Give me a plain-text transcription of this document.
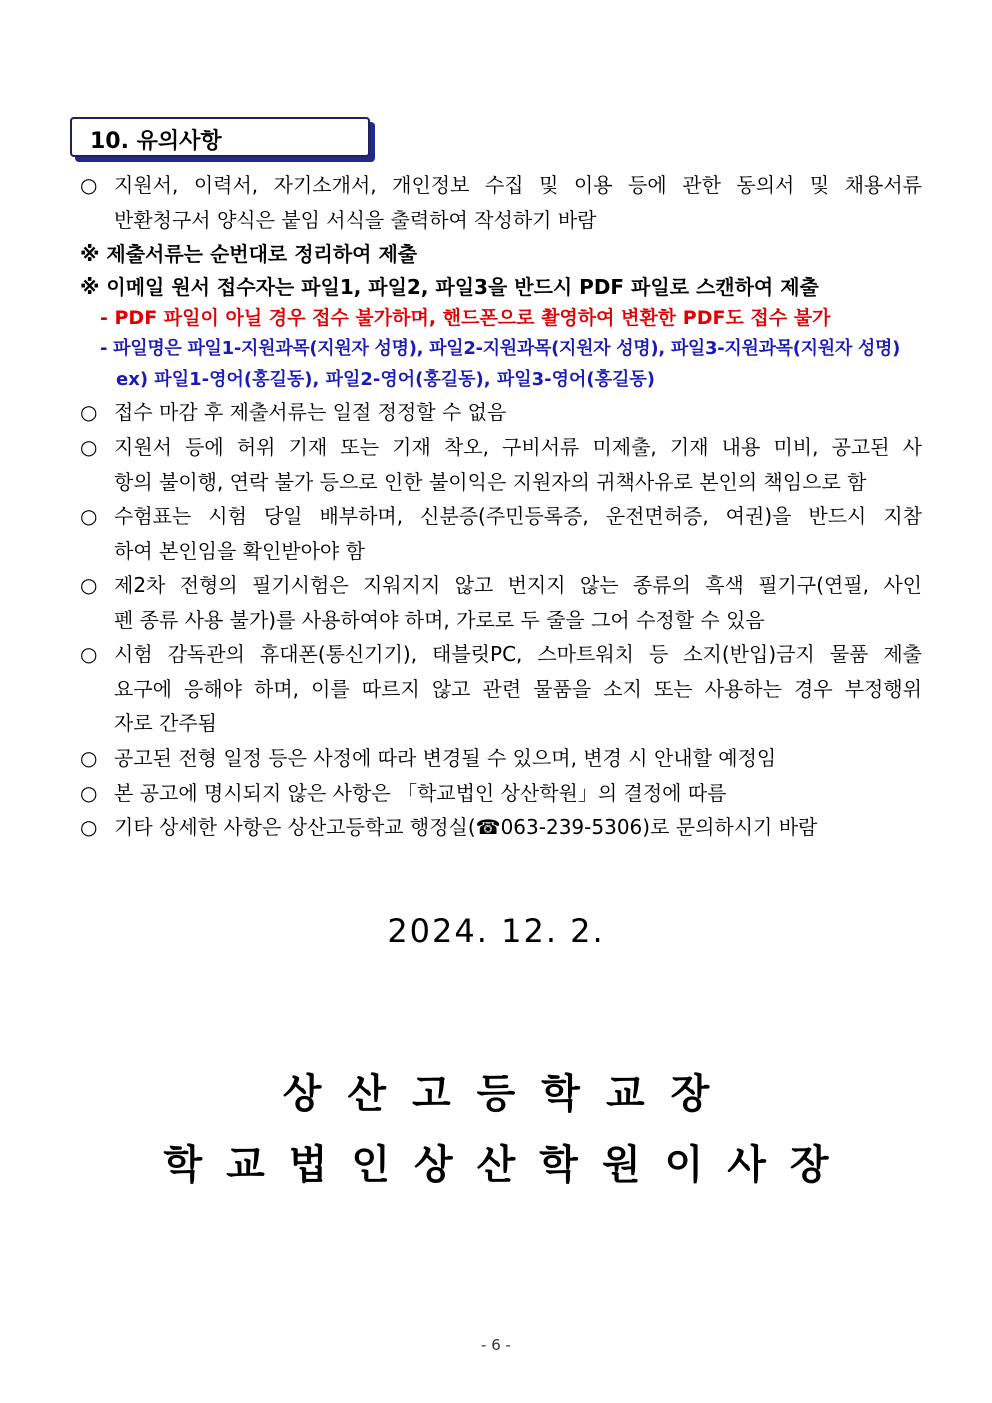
10. 유의사항
○ 지원서, 이력서, 자기소개서, 개인정보 수집 및 이용 등에 관한 동의서 및 채용서류
반환청구서 양식은 붙임 서식을 출력하여 작성하기 바람
※ 제출서류는 순번대로 정리하여 제출
※ 이메일 원서 접수자는 파일1, 파일2, 파일3을 반드시 PDF 파일로 스캔하여 제출
- PDF 파일이 아닐 경우 접수 불가하며, 핸드폰으로 촬영하여 변환한 PDF도 접수 불가
- 파일명은 파일1-지원과목(지원자 성명), 파일2-지원과목(지원자 성명), 파일3-지원과목(지원자 성명)
ex) 파일1-영어(홍길동), 파일2-영어(홍길동), 파일3-영어(홍길동)
○ 접수 마감 후 제출서류는 일절 정정할 수 없음
○ 지원서 등에 허위 기재 또는 기재 착오, 구비서류 미제출, 기재 내용 미비, 공고된 사
항의 불이행, 연락 불가 등으로 인한 불이익은 지원자의 귀책사유로 본인의 책임으로 함
○ 수험표는 시험 당일 배부하며, 신분증(주민등록증, 운전면허증, 여권)을 반드시 지참
하여 본인임을 확인받아야 함
○ 제2차 전형의 필기시험은 지워지지 않고 번지지 않는 종류의 흑색 필기구(연필, 사인
펜 종류 사용 불가)를 사용하여야 하며, 가로로 두 줄을 그어 수정할 수 있음
○ 시험 감독관의 휴대폰(통신기기), 태블릿PC, 스마트워치 등 소지(반입)금지 물품 제출
요구에 응해야 하며, 이를 따르지 않고 관련 물품을 소지 또는 사용하는 경우 부정행위
자로 간주됨
○ 공고된 전형 일정 등은 사정에 따라 변경될 수 있으며, 변경 시 안내할 예정임
○ 본 공고에 명시되지 않은 사항은 「학교법인 상산학원」의 결정에 따름
○ 기타 상세한 사항은 상산고등학교 행정실(☎063-239-5306)로 문의하시기 바람
2024. 12. 2.
상산고등학교장
학교법인상산학원이사장
- 6 -
